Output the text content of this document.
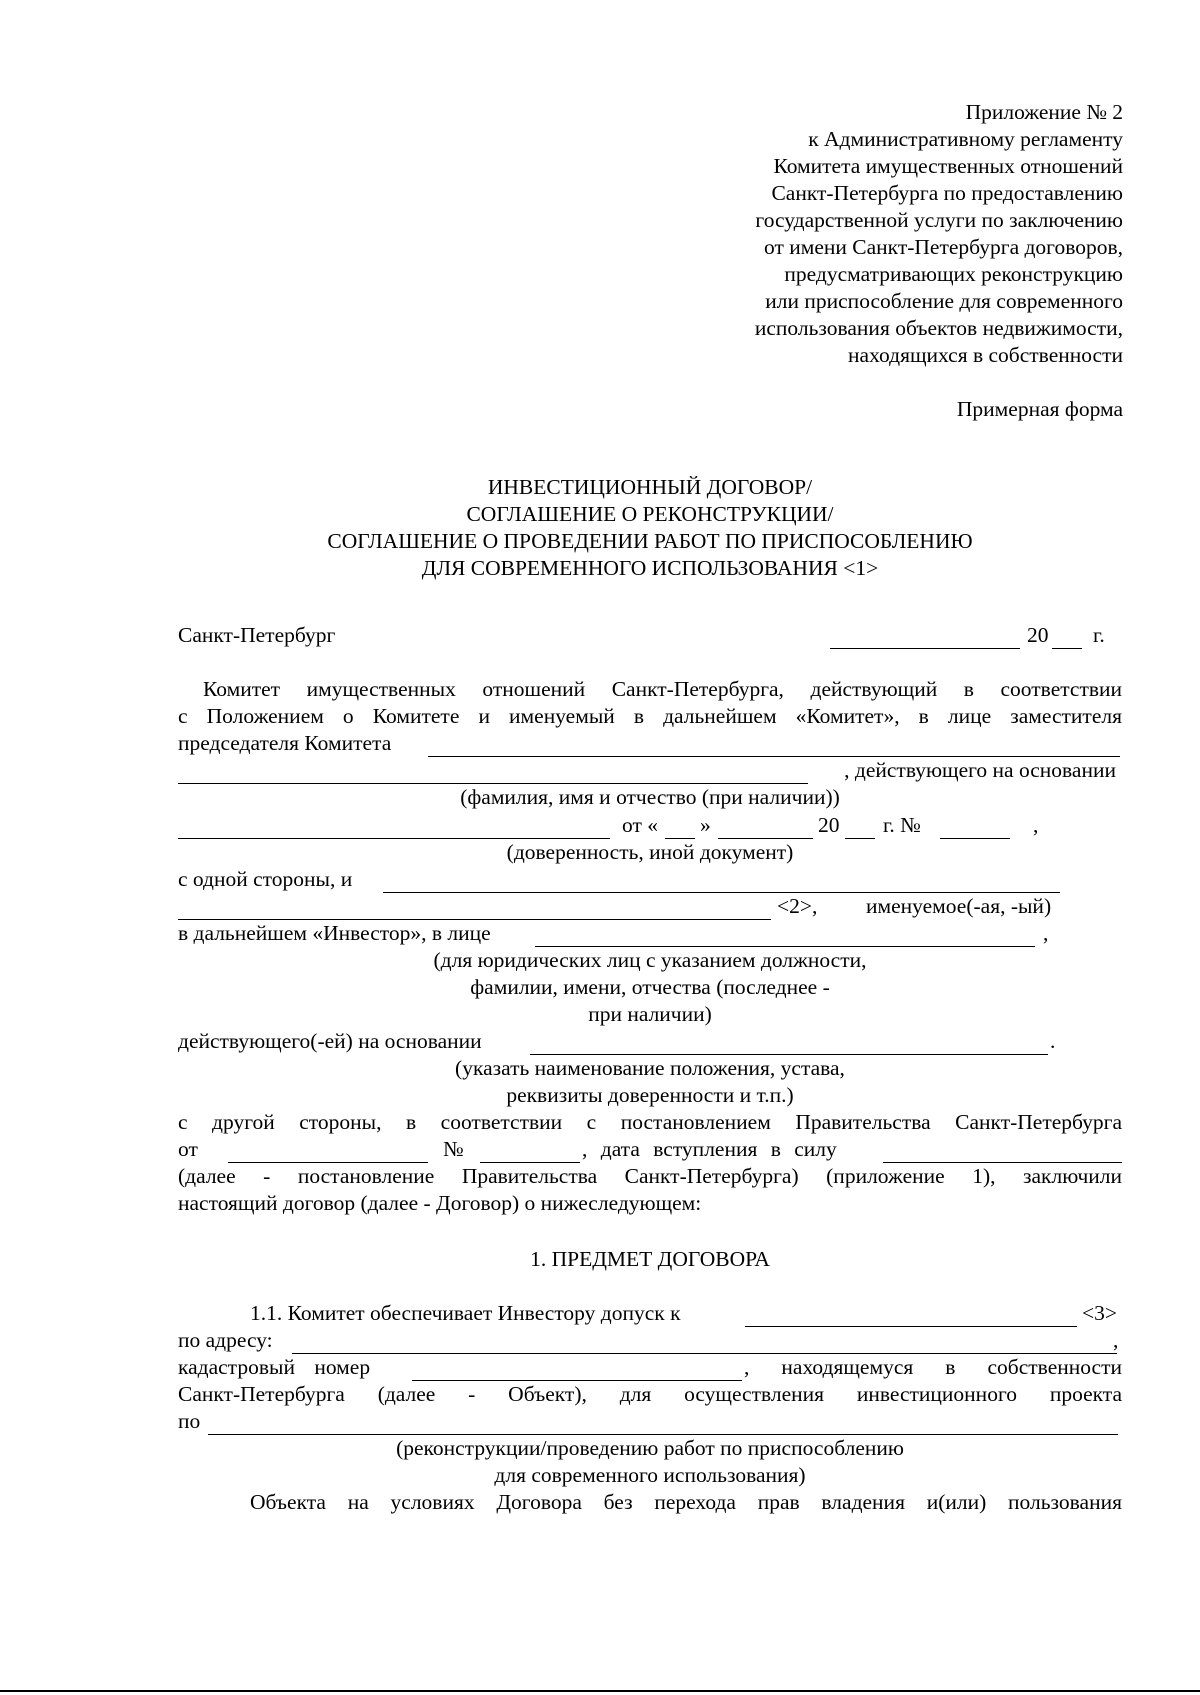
Приложение № 2
к Административному регламенту
Комитета имущественных отношений
Санкт-Петербурга по предоставлению
государственной услуги по заключению
от имени Санкт-Петербурга договоров,
предусматривающих реконструкцию
или приспособление для современного
использования объектов недвижимости,
находящихся в собственности
Примерная форма
ИНВЕСТИЦИОННЫЙ ДОГОВОР/
СОГЛАШЕНИЕ О РЕКОНСТРУКЦИИ/
СОГЛАШЕНИЕ О ПРОВЕДЕНИИ РАБОТ ПО ПРИСПОСОБЛЕНИЮ
ДЛЯ СОВРЕМЕННОГО ИСПОЛЬЗОВАНИЯ <1>
Санкт-Петербург	20 г.
Комитет имущественных отношений Санкт-Петербурга, действующий в соответствии
с Положением о Комитете и именуемый в дальнейшем «Комитет», в лице заместителя
председателя Комитета
, действующего на основании
(фамилия, имя и отчество (при наличии))
от « »	20 г. №	,
(доверенность, иной документ)
с одной стороны, и
<2>, именуемое(-ая, -ый)
в дальнейшем «Инвестор», в лице	,
(для юридических лиц с указанием должности,
фамилии, имени, отчества (последнее -
при наличии)
действующего(-ей) на основании	.
(указать наименование положения, устава,
реквизиты доверенности и т.п.)
с другой стороны, в соответствии с постановлением Правительства Санкт-Петербурга
от	№	, дата вступления в силу
(далее - постановление Правительства Санкт-Петербурга) (приложение 1), заключили
настоящий договор (далее - Договор) о нижеследующем:
1. ПРЕДМЕТ ДОГОВОРА
1.1. Комитет обеспечивает Инвестору допуск к	<3>
по адресу:	,
кадастровый номер	, находящемуся в собственности
Санкт-Петербурга (далее - Объект), для осуществления инвестиционного проекта
по
(реконструкции/проведению работ по приспособлению
для современного использования)
Объекта на условиях Договора без перехода прав владения и(или) пользования
